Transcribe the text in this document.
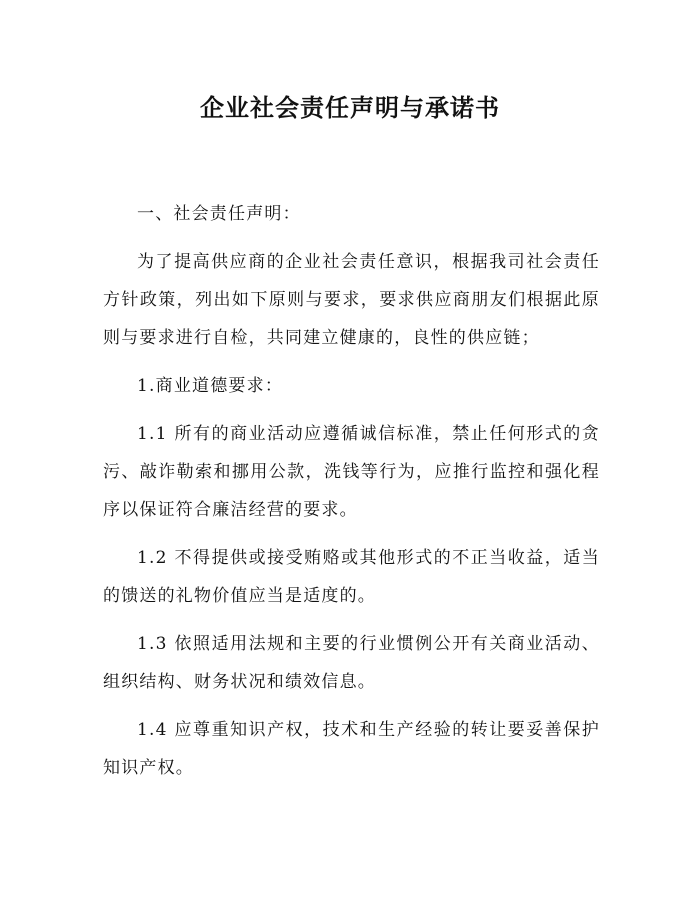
企业社会责任声明与承诺书

一、社会责任声明：

为了提高供应商的企业社会责任意识，根据我司社会责任方针政策，列出如下原则与要求，要求供应商朋友们根据此原则与要求进行自检，共同建立健康的，良性的供应链；

1.商业道德要求：

1.1 所有的商业活动应遵循诚信标准，禁止任何形式的贪污、敲诈勒索和挪用公款，洗钱等行为，应推行监控和强化程序以保证符合廉洁经营的要求。

1.2 不得提供或接受贿赂或其他形式的不正当收益，适当的馈送的礼物价值应当是适度的。

1.3 依照适用法规和主要的行业惯例公开有关商业活动、组织结构、财务状况和绩效信息。

1.4 应尊重知识产权，技术和生产经验的转让要妥善保护知识产权。
